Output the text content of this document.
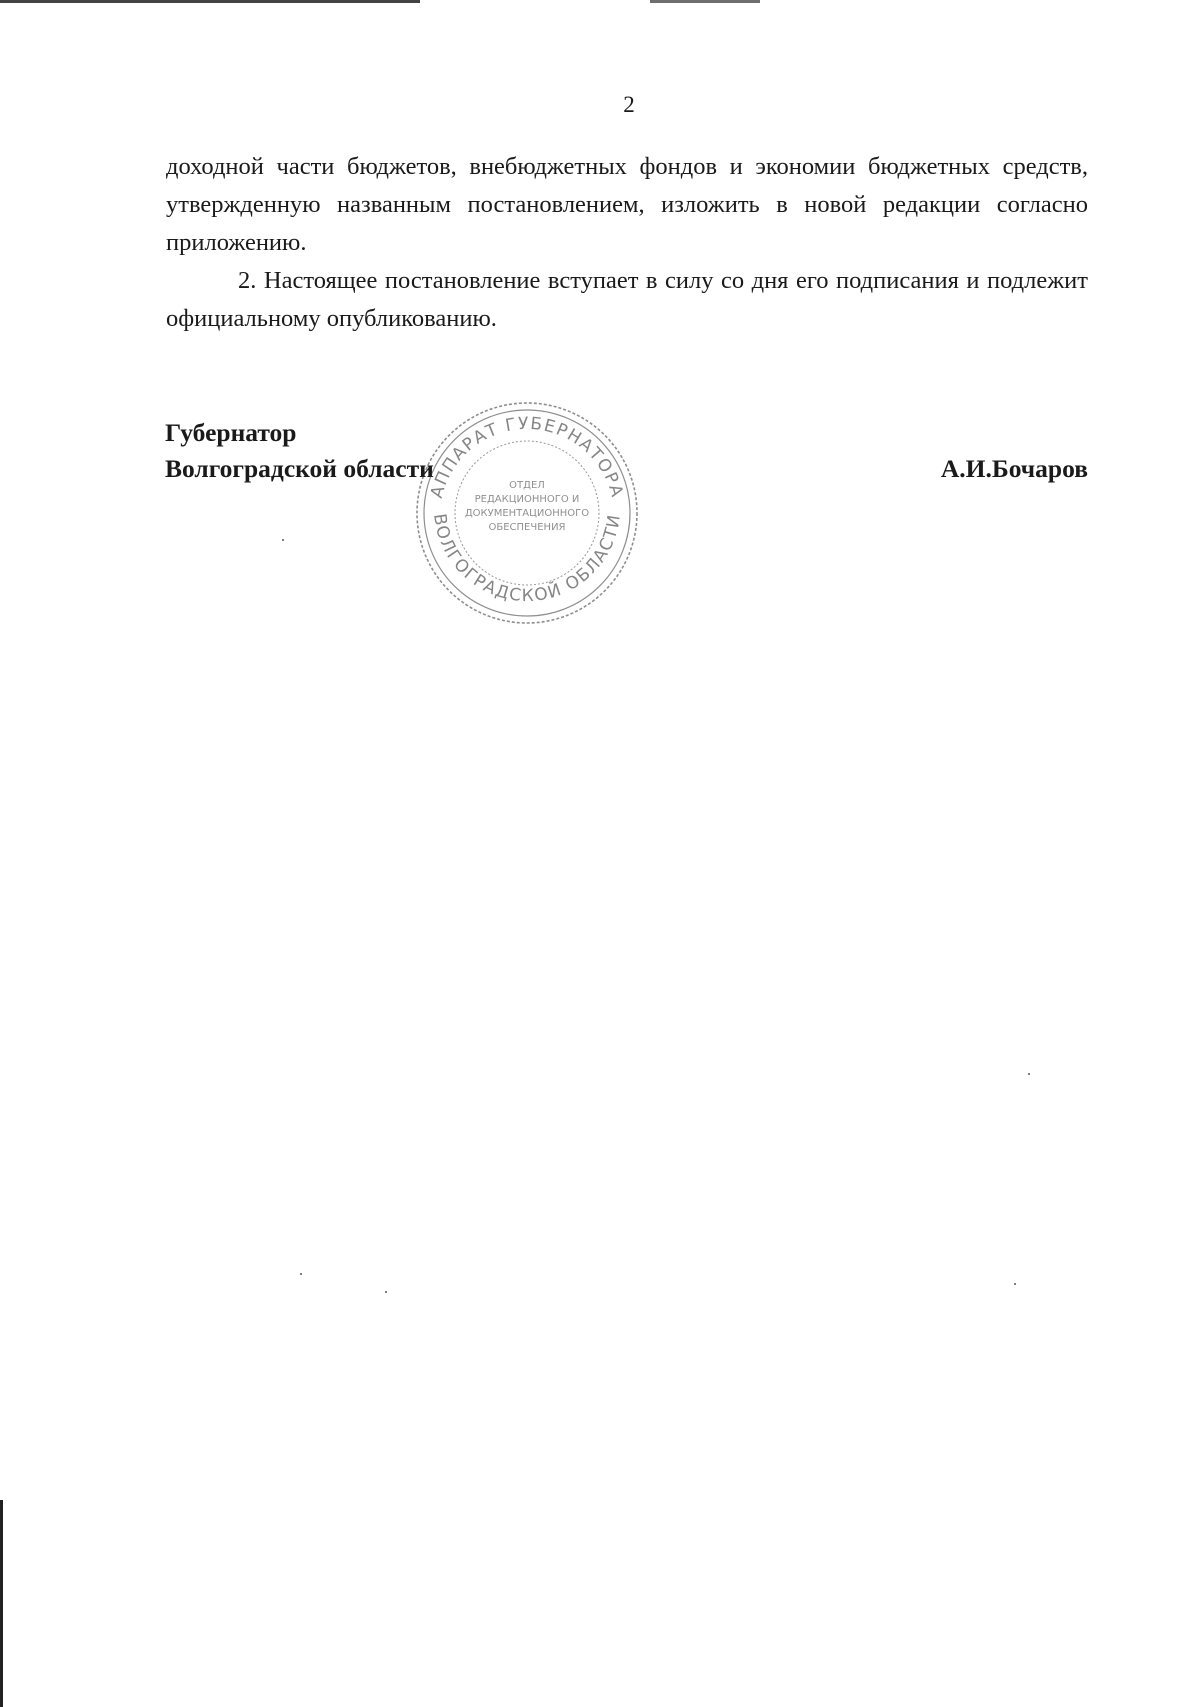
2

доходной части бюджетов, внебюджетных фондов и экономии бюджетных средств, утвержденную названным постановлением, изложить в новой редакции согласно приложению.

2. Настоящее постановление вступает в силу со дня его подписания и подлежит официальному опубликованию.

Губернатор
Волгоградской области	А.И.Бочаров
АППАРАТ ГУБЕРНАТОРА
ВОЛГОГРАДСКОЙ ОБЛАСТИ
ОТДЕЛ
РЕДАКЦИОННОГО И
ДОКУМЕНТАЦИОННОГО
ОБЕСПЕЧЕНИЯ
